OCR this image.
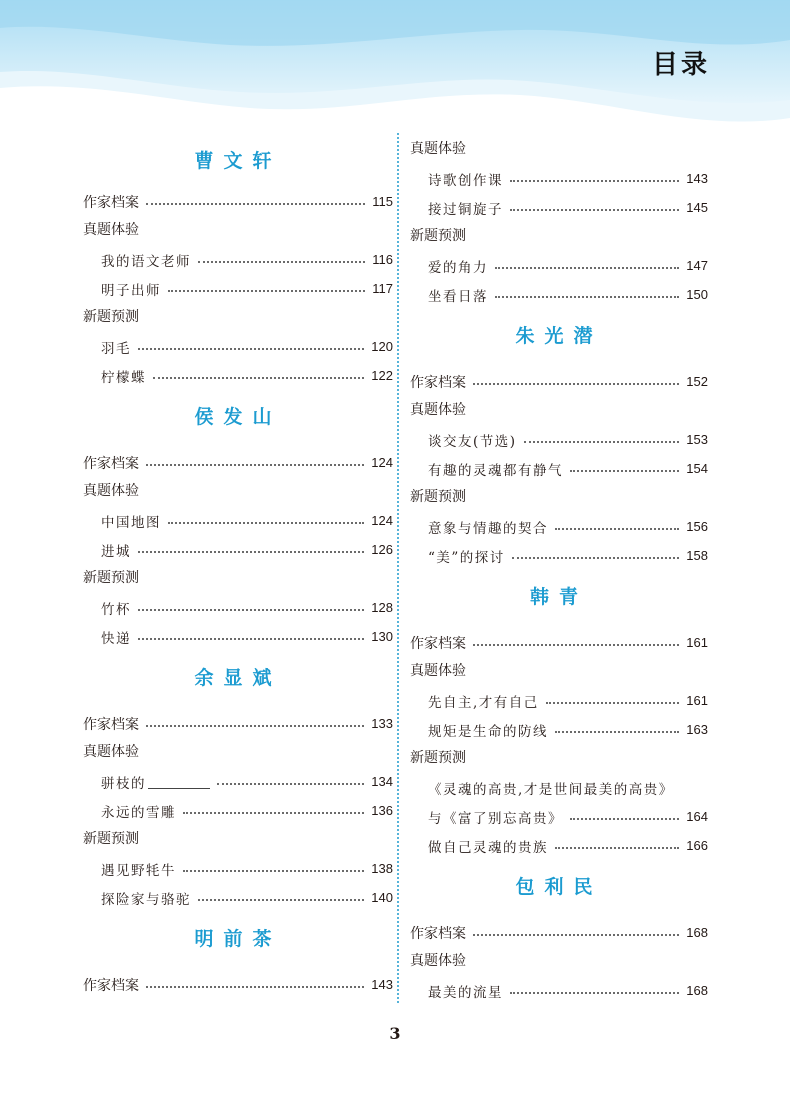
目录
曹文轩
作家档案	115
真题体验
我的语文老师	116
明子出师	117
新题预测
羽毛	120
柠檬蝶	122
侯发山
作家档案	124
真题体验
中国地图	124
进城	126
新题预测
竹杯	128
快递	130
余显斌
作家档案	133
真题体验
骈枝的	134
永远的雪雕	136
新题预测
遇见野牦牛	138
探险家与骆驼	140
明前茶
作家档案	143
真题体验
诗歌创作课	143
接过铜旋子	145
新题预测
爱的角力	147
坐看日落	150
朱光潜
作家档案	152
真题体验
谈交友(节选)	153
有趣的灵魂都有静气	154
新题预测
意象与情趣的契合	156
“美”的探讨	158
韩青
作家档案	161
真题体验
先自主,才有自己	161
规矩是生命的防线	163
新题预测
《灵魂的高贵,才是世间最美的高贵》
与《富了别忘高贵》	164
做自己灵魂的贵族	166
包利民
作家档案	168
真题体验
最美的流星	168
3
